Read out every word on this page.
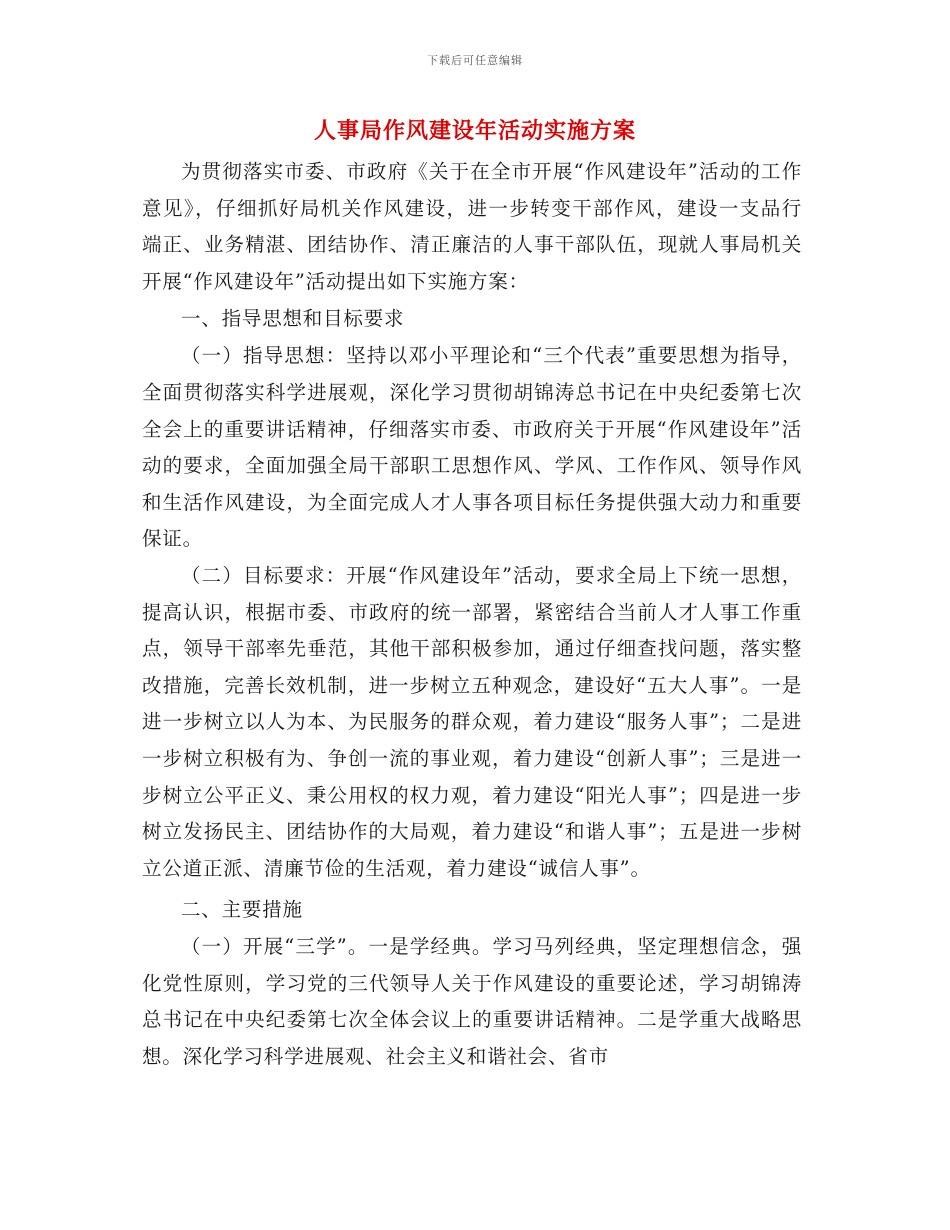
下载后可任意编辑
人事局作风建设年活动实施方案

为贯彻落实市委、市政府《关于在全市开展“作风建设年”活动的工作意见》，仔细抓好局机关作风建设，进一步转变干部作风，建设一支品行端正、业务精湛、团结协作、清正廉洁的人事干部队伍，现就人事局机关开展“作风建设年”活动提出如下实施方案：

一、指导思想和目标要求

（一）指导思想：坚持以邓小平理论和“三个代表”重要思想为指导，全面贯彻落实科学进展观，深化学习贯彻胡锦涛总书记在中央纪委第七次全会上的重要讲话精神，仔细落实市委、市政府关于开展“作风建设年”活动的要求，全面加强全局干部职工思想作风、学风、工作作风、领导作风和生活作风建设，为全面完成人才人事各项目标任务提供强大动力和重要保证。

（二）目标要求：开展“作风建设年”活动，要求全局上下统一思想，提高认识，根据市委、市政府的统一部署，紧密结合当前人才人事工作重点，领导干部率先垂范，其他干部积极参加，通过仔细查找问题，落实整改措施，完善长效机制，进一步树立五种观念，建设好“五大人事”。一是进一步树立以人为本、为民服务的群众观，着力建设“服务人事”；二是进一步树立积极有为、争创一流的事业观，着力建设“创新人事”；三是进一步树立公平正义、秉公用权的权力观，着力建设“阳光人事”；四是进一步树立发扬民主、团结协作的大局观，着力建设“和谐人事”；五是进一步树立公道正派、清廉节俭的生活观，着力建设“诚信人事”。

二、主要措施

（一）开展“三学”。一是学经典。学习马列经典，坚定理想信念，强化党性原则，学习党的三代领导人关于作风建设的重要论述，学习胡锦涛总书记在中央纪委第七次全体会议上的重要讲话精神。二是学重大战略思想。深化学习科学进展观、社会主义和谐社会、省市
